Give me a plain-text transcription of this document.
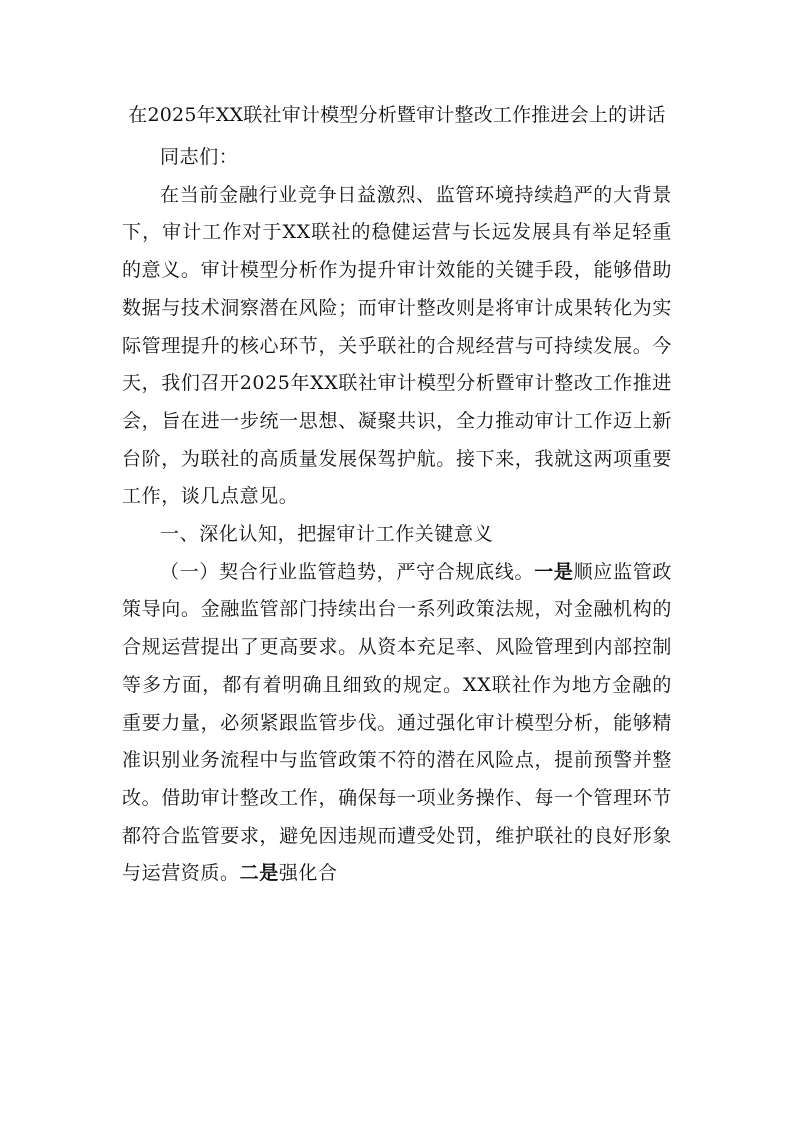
在2025年XX联社审计模型分析暨审计整改工作推进会上的讲话

同志们：

在当前金融行业竞争日益激烈、监管环境持续趋严的大背景下，审计工作对于XX联社的稳健运营与长远发展具有举足轻重的意义。审计模型分析作为提升审计效能的关键手段，能够借助数据与技术洞察潜在风险；而审计整改则是将审计成果转化为实际管理提升的核心环节，关乎联社的合规经营与可持续发展。今天，我们召开2025年XX联社审计模型分析暨审计整改工作推进会，旨在进一步统一思想、凝聚共识，全力推动审计工作迈上新台阶，为联社的高质量发展保驾护航。接下来，我就这两项重要工作，谈几点意见。

一、深化认知，把握审计工作关键意义

（一）契合行业监管趋势，严守合规底线。一是顺应监管政策导向。金融监管部门持续出台一系列政策法规，对金融机构的合规运营提出了更高要求。从资本充足率、风险管理到内部控制等多方面，都有着明确且细致的规定。XX联社作为地方金融的重要力量，必须紧跟监管步伐。通过强化审计模型分析，能够精准识别业务流程中与监管政策不符的潜在风险点，提前预警并整改。借助审计整改工作，确保每一项业务操作、每一个管理环节都符合监管要求，避免因违规而遭受处罚，维护联社的良好形象与运营资质。二是强化合
